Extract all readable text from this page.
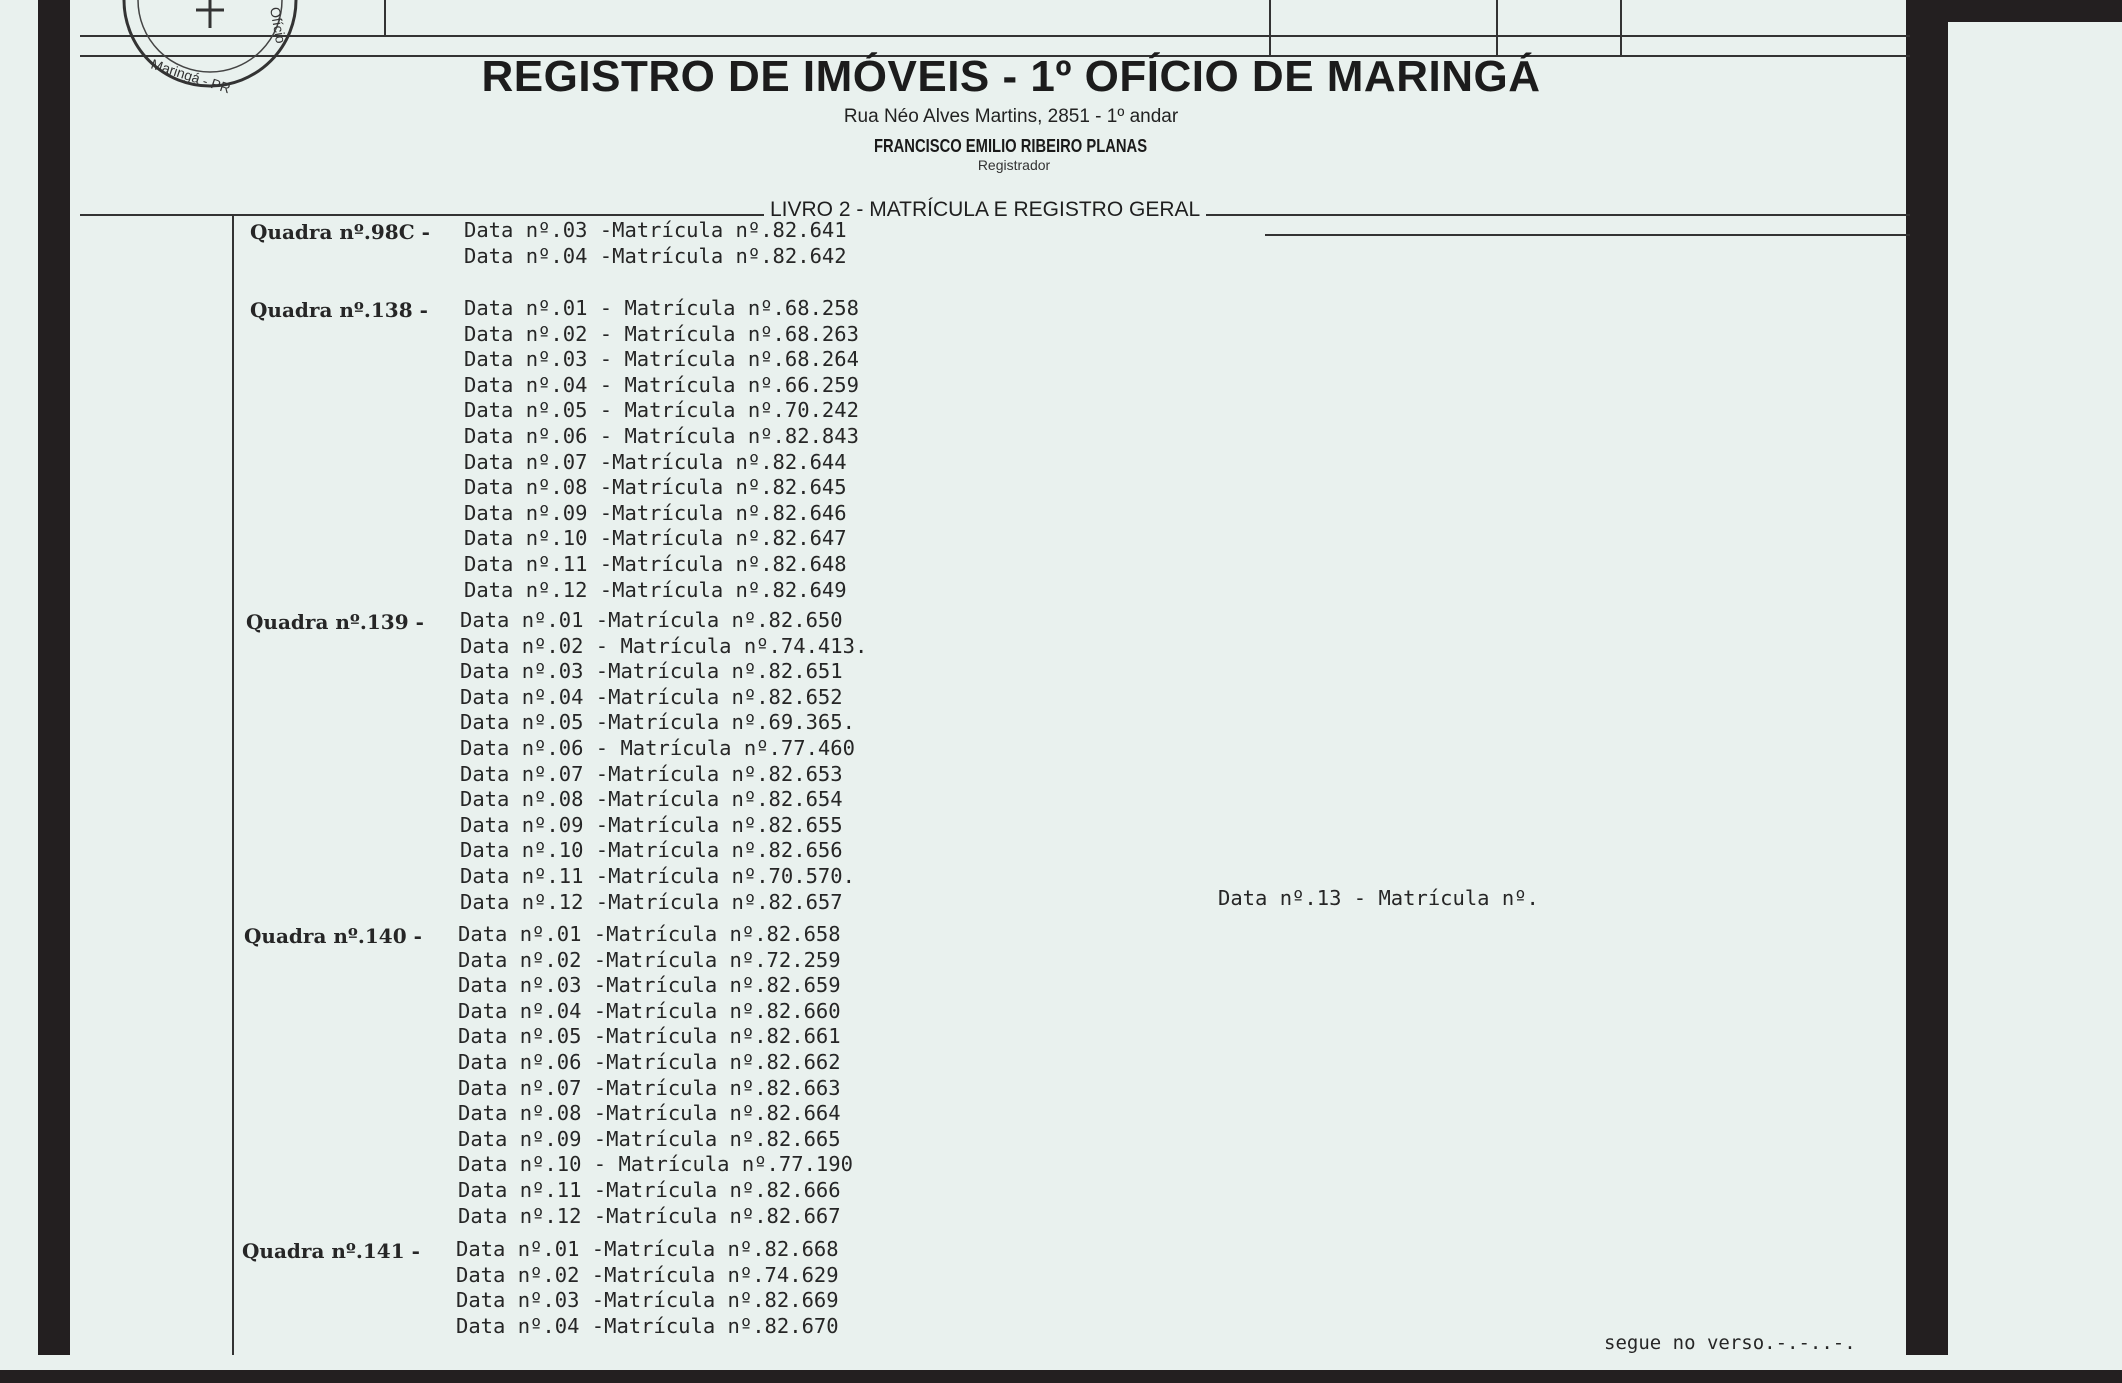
Maringá - PR
Ofício
REGISTRO DE IMÓVEIS - 1º OFÍCIO DE MARINGÁ
Rua Néo Alves Martins, 2851 - 1º andar
FRANCISCO EMILIO RIBEIRO PLANAS
Registrador
LIVRO 2 - MATRÍCULA E REGISTRO GERAL
Quadra nº.98C - Data nº.03 -Matrícula nº.82.641
Data nº.04 -Matrícula nº.82.642
Quadra nº.138 - Data nº.01 - Matrícula nº.68.258
Data nº.02 - Matrícula nº.68.263
Data nº.03 - Matrícula nº.68.264
Data nº.04 - Matrícula nº.66.259
Data nº.05 - Matrícula nº.70.242
Data nº.06 - Matrícula nº.82.843
Data nº.07 -Matrícula nº.82.644
Data nº.08 -Matrícula nº.82.645
Data nº.09 -Matrícula nº.82.646
Data nº.10 -Matrícula nº.82.647
Data nº.11 -Matrícula nº.82.648
Data nº.12 -Matrícula nº.82.649
Quadra nº.139 - Data nº.01 -Matrícula nº.82.650
Data nº.02 - Matrícula nº.74.413.
Data nº.03 -Matrícula nº.82.651
Data nº.04 -Matrícula nº.82.652
Data nº.05 -Matrícula nº.69.365.
Data nº.06 - Matrícula nº.77.460
Data nº.07 -Matrícula nº.82.653
Data nº.08 -Matrícula nº.82.654
Data nº.09 -Matrícula nº.82.655
Data nº.10 -Matrícula nº.82.656
Data nº.11 -Matrícula nº.70.570.
Data nº.12 -Matrícula nº.82.657
Quadra nº.140 - Data nº.01 -Matrícula nº.82.658
Data nº.02 -Matrícula nº.72.259
Data nº.03 -Matrícula nº.82.659
Data nº.04 -Matrícula nº.82.660
Data nº.05 -Matrícula nº.82.661
Data nº.06 -Matrícula nº.82.662
Data nº.07 -Matrícula nº.82.663
Data nº.08 -Matrícula nº.82.664
Data nº.09 -Matrícula nº.82.665
Data nº.10 - Matrícula nº.77.190
Data nº.11 -Matrícula nº.82.666
Data nº.12 -Matrícula nº.82.667
Quadra nº.141 - Data nº.01 -Matrícula nº.82.668
Data nº.02 -Matrícula nº.74.629
Data nº.03 -Matrícula nº.82.669
Data nº.04 -Matrícula nº.82.670
Data nº.13 - Matrícula nº.
segue no verso.-.-..-.
